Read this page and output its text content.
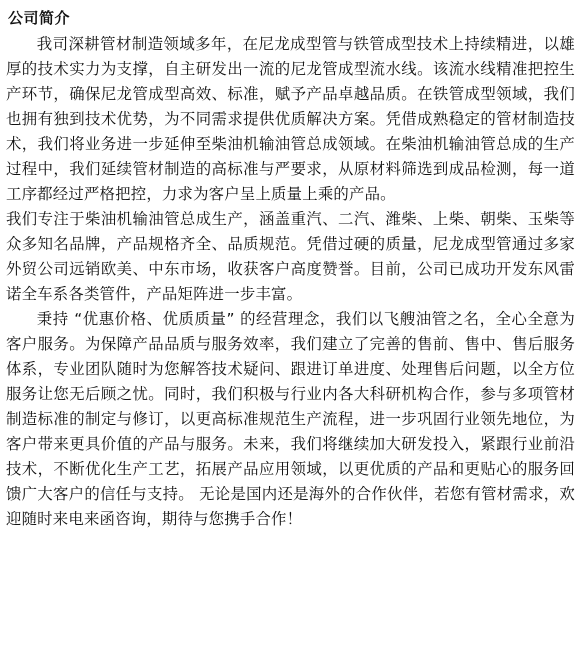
公司简介

我司深耕管材制造领域多年，在尼龙成型管与铁管成型技术上持续精进，以雄厚的技术实力为支撑，自主研发出一流的尼龙管成型流水线。该流水线精准把控生产环节，确保尼龙管成型高效、标准，赋予产品卓越品质。在铁管成型领域，我们也拥有独到技术优势，为不同需求提供优质解决方案。凭借成熟稳定的管材制造技术，我们将业务进一步延伸至柴油机输油管总成领域。在柴油机输油管总成的生产过程中，我们延续管材制造的高标准与严要求，从原材料筛选到成品检测，每一道工序都经过严格把控，力求为客户呈上质量上乘的产品。

我们专注于柴油机输油管总成生产，涵盖重汽、二汽、潍柴、上柴、朝柴、玉柴等众多知名品牌，产品规格齐全、品质规范。凭借过硬的质量，尼龙成型管通过多家外贸公司远销欧美、中东市场，收获客户高度赞誉。目前，公司已成功开发东风雷诺全车系各类管件，产品矩阵进一步丰富。

秉持 “优惠价格、优质质量” 的经营理念，我们以飞艘油管之名，全心全意为客户服务。为保障产品品质与服务效率，我们建立了完善的售前、售中、售后服务体系，专业团队随时为您解答技术疑问、跟进订单进度、处理售后问题，以全方位服务让您无后顾之忧。同时，我们积极与行业内各大科研机构合作，参与多项管材制造标准的制定与修订，以更高标准规范生产流程，进一步巩固行业领先地位，为客户带来更具价值的产品与服务。未来，我们将继续加大研发投入，紧跟行业前沿技术，不断优化生产工艺，拓展产品应用领域，以更优质的产品和更贴心的服务回馈广大客户的信任与支持。 无论是国内还是海外的合作伙伴，若您有管材需求，欢迎随时来电来函咨询，期待与您携手合作！
